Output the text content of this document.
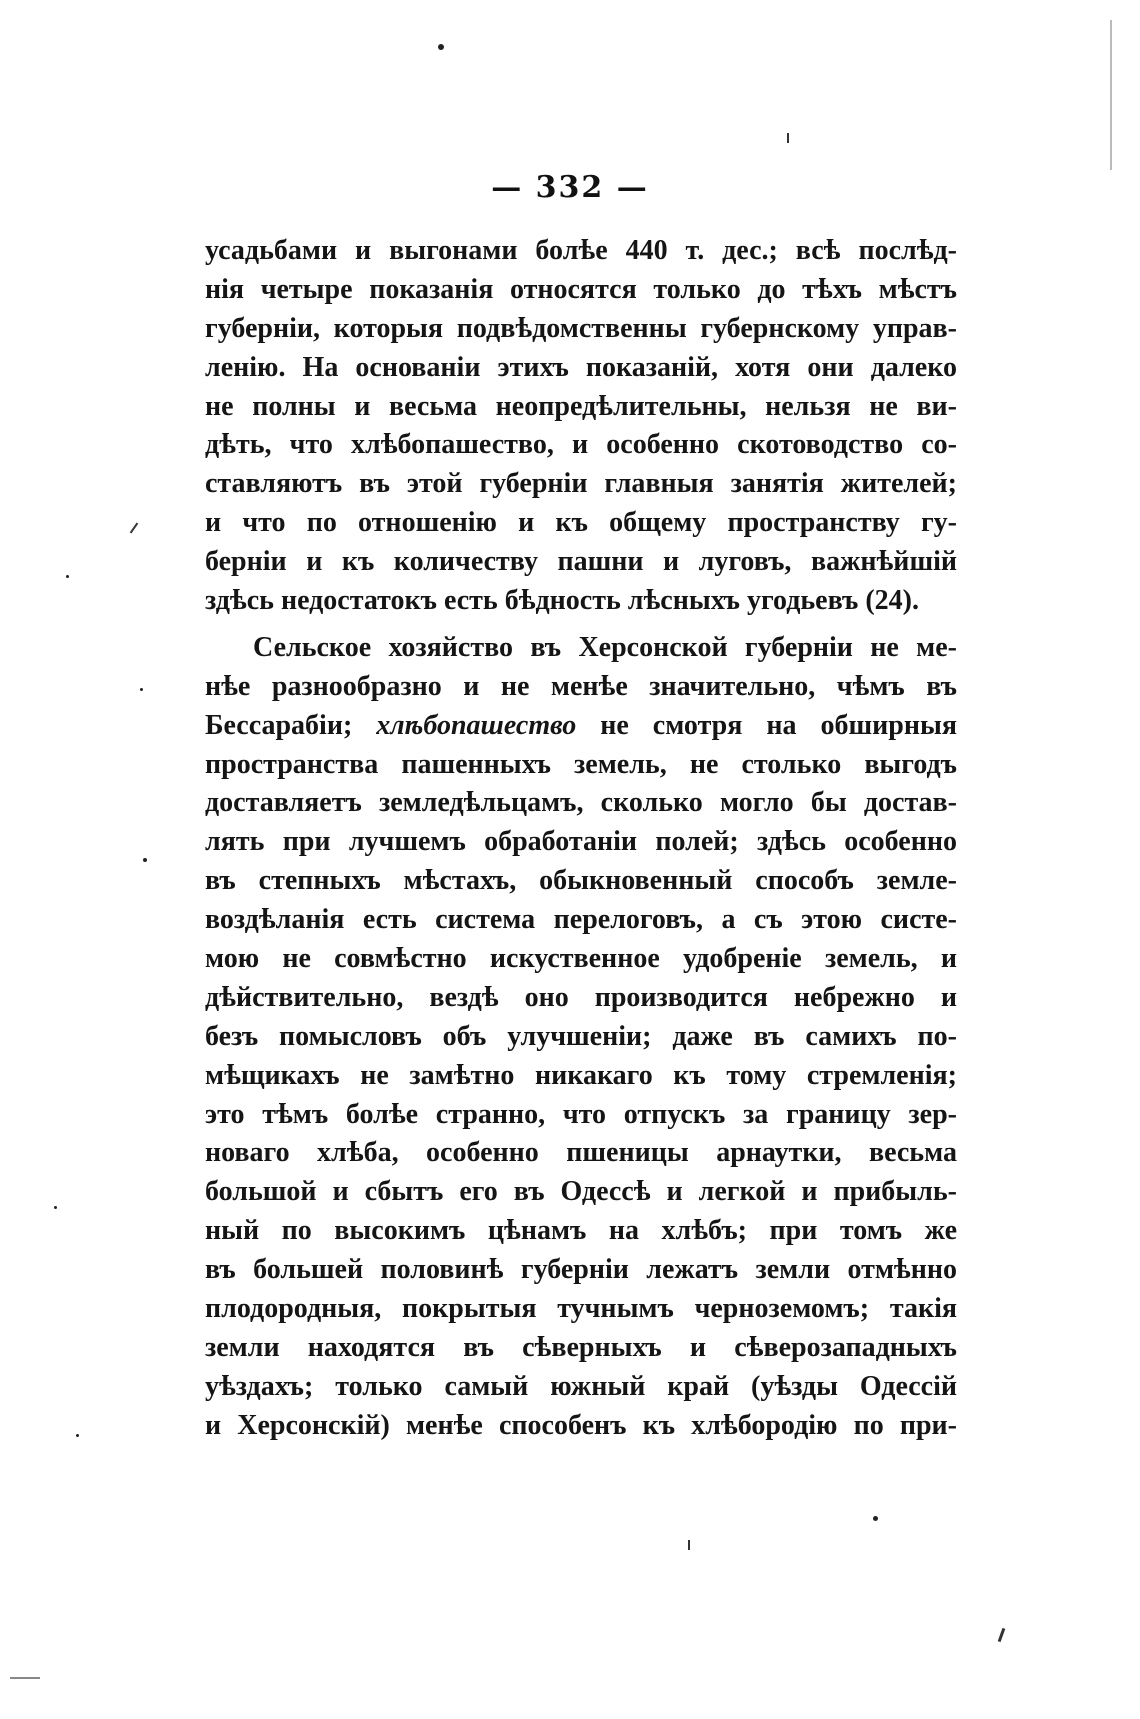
— 332 —
усадьбами и выгонами болѣе 440 т. дес.; всѣ послѣд-
нія четыре показанія относятся только до тѣхъ мѣстъ
губерніи, которыя подвѣдомственны губернскому управ-
ленію. На основаніи этихъ показаній, хотя они далеко
не полны и весьма неопредѣлительны, нельзя не ви-
дѣть, что хлѣбопашество, и особенно скотоводство со-
ставляютъ въ этой губерніи главныя занятія жителей;
и что по отношенію и къ общему пространству гу-
берніи и къ количеству пашни и луговъ, важнѣйшій
здѣсь недостатокъ есть бѣдность лѣсныхъ угодьевъ (24).
Сельское хозяйство въ Херсонской губерніи не ме-
нѣе разнообразно и не менѣе значительно, чѣмъ въ
Бессарабіи; хлѣбопашество не смотря на обширныя
пространства пашенныхъ земель, не столько выгодъ
доставляетъ земледѣльцамъ, сколько могло бы достав-
лять при лучшемъ обработаніи полей; здѣсь особенно
въ степныхъ мѣстахъ, обыкновенный способъ земле-
воздѣланія есть система перелоговъ, а съ этою систе-
мою не совмѣстно искуственное удобреніе земель, и
дѣйствительно, вездѣ оно производится небрежно и
безъ помысловъ объ улучшеніи; даже въ самихъ по-
мѣщикахъ не замѣтно никакаго къ тому стремленія;
это тѣмъ болѣе странно, что отпускъ за границу зер-
новаго хлѣба, особенно пшеницы арнаутки, весьма
большой и сбытъ его въ Одессѣ и легкой и прибыль-
ный по высокимъ цѣнамъ на хлѣбъ; при томъ же
въ большей половинѣ губерніи лежатъ земли отмѣнно
плодородныя, покрытыя тучнымъ черноземомъ; такія
земли находятся въ сѣверныхъ и сѣверозападныхъ
уѣздахъ; только самый южный край (уѣзды Одессій
и Херсонскій) менѣе способенъ къ хлѣбородію по при-
